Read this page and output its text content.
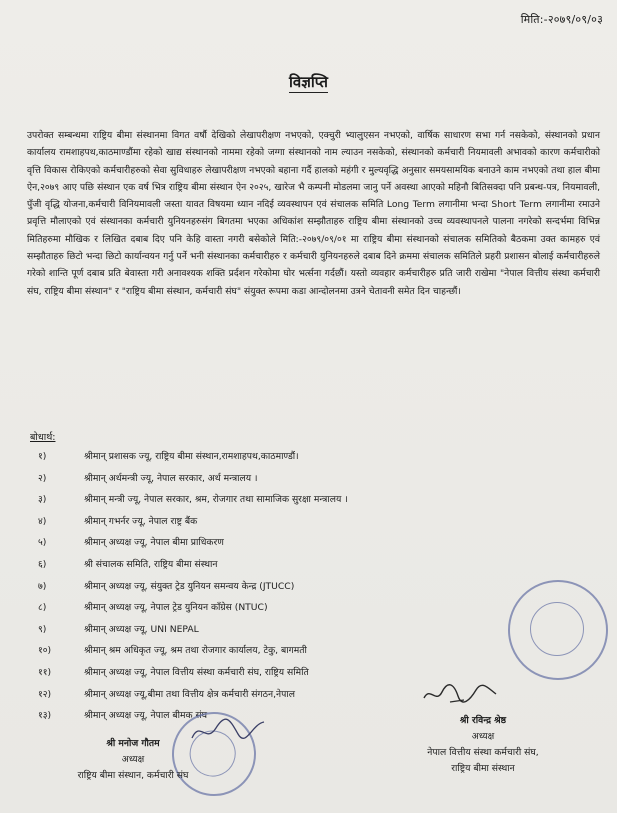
मिति:-२०७९/०९/०३
विज्ञप्ति
उपरोक्त सम्बन्धमा राष्ट्रिय बीमा संस्थानमा विगत वर्षौ देखिको लेखापरीक्षण नभएको, एक्चुरी भ्यालुएसन नभएको, वार्षिक साधारण सभा गर्न नसकेको, संस्थानको प्रधान कार्यालय रामशाहपथ,काठमाण्डौंमा रहेको खाद्य संस्थानको नाममा रहेको जग्गा संस्थानको नाम ल्याउन नसकेको, संस्थानको कर्मचारी नियमावली अभावको कारण कर्मचारीको वृत्ति विकास रोकिएको कर्मचारीहरुको सेवा सुविधाहरु लेखापरीक्षण नभएको बहाना गर्दै हालको महंगी र मुल्यवृद्धि अनुसार समयसामयिक बनाउने काम नभएको तथा हाल बीमा ऐन,२०७९ आए पछि संस्थान एक वर्ष भित्र राष्ट्रिय बीमा संस्थान ऐन २०२५, खारेज भै कम्पनी मोडलमा जानु पर्ने अवस्था आएको महिनौ बितिसक्दा पनि प्रबन्ध-पत्र, नियमावली, पुँजी वृद्धि योजना,कर्मचारी विनियमावली जस्ता यावत विषयमा ध्यान नदिई व्यवस्थापन एवं संचालक समिति Long Term लगानीमा भन्दा Short Term लगानीमा रमाउने प्रवृत्ति मौलाएको एवं संस्थानका कर्मचारी युनियनहरुसंग बिगतमा भएका अधिकांश सम्झौताहरु राष्ट्रिय बीमा संस्थानको उच्च व्यवस्थापनले पालना नगरेको सन्दर्भमा विभिन्न मितिहरुमा मौखिक र लिखित दबाब दिए पनि केहि वास्ता नगरी बसेकोले मिति:-२०७९/०९/०१ मा राष्ट्रिय बीमा संस्थानको संचालक समितिको बैठकमा उक्त कामहरु एवं सम्झौताहरु छिटो भन्दा छिटो कार्यान्वयन गर्नु पर्ने भनी संस्थानका कर्मचारीहरु र कर्मचारी युनियनहरुले दबाब दिने क्रममा संचालक समितिले प्रहरी प्रशासन बोलाई कर्मचारीहरुले गरेको शान्ति पूर्ण दबाब प्रति बेवास्ता गरी अनावश्यक शक्ति प्रर्दशन गरेकोमा घोर भर्त्सना गर्दछौं। यस्तो व्यवहार कर्मचारीहरु प्रति जारी राखेमा "नेपाल वित्तीय संस्था कर्मचारी संघ, राष्ट्रिय बीमा संस्थान" र "राष्ट्रिय बीमा संस्थान, कर्मचारी संघ" संयुक्त रूपमा कडा आन्दोलनमा उत्रने चेतावनी समेत दिन चाहन्छौं।
बोधार्थ:
१)	श्रीमान् प्रशासक ज्यू, राष्ट्रिय बीमा संस्थान,रामशाहपथ,काठमाण्डौं।
२)	श्रीमान् अर्थमन्त्री ज्यू, नेपाल सरकार, अर्थ मन्त्रालय ।
३)	श्रीमान् मन्त्री ज्यू, नेपाल सरकार, श्रम, रोजगार तथा सामाजिक सुरक्षा मन्त्रालय ।
४)	श्रीमान् गभर्नर ज्यू, नेपाल राष्ट्र बैंक
५)	श्रीमान् अध्यक्ष ज्यू, नेपाल बीमा प्राधिकरण
६)	श्री संचालक समिति, राष्ट्रिय बीमा संस्थान
७)	श्रीमान् अध्यक्ष ज्यू, संयुक्त ट्रेड युनियन समन्वय केन्द्र (JTUCC)
८)	श्रीमान् अध्यक्ष ज्यू, नेपाल ट्रेड युनियन काँग्रेस (NTUC)
९)	श्रीमान् अध्यक्ष ज्यू, UNI NEPAL
१०)	श्रीमान् श्रम अधिकृत ज्यू, श्रम तथा रोजगार कार्यालय, टेकु, बागमती
११)	श्रीमान् अध्यक्ष ज्यू, नेपाल वित्तीय संस्था कर्मचारी संघ, राष्ट्रिय समिति
१२)	श्रीमान् अध्यक्ष ज्यू,बीमा तथा वित्तीय क्षेत्र कर्मचारी संगठन,नेपाल
१३)	श्रीमान् अध्यक्ष ज्यू, नेपाल बीमक संघ	श्री रविन्द्र श्रेष्ठ
अध्यक्ष
नेपाल वित्तीय संस्था कर्मचारी संघ,
राष्ट्रिय बीमा संस्थान
श्री मनोज गौतम
अध्यक्ष
राष्ट्रिय बीमा संस्थान, कर्मचारी संघ
